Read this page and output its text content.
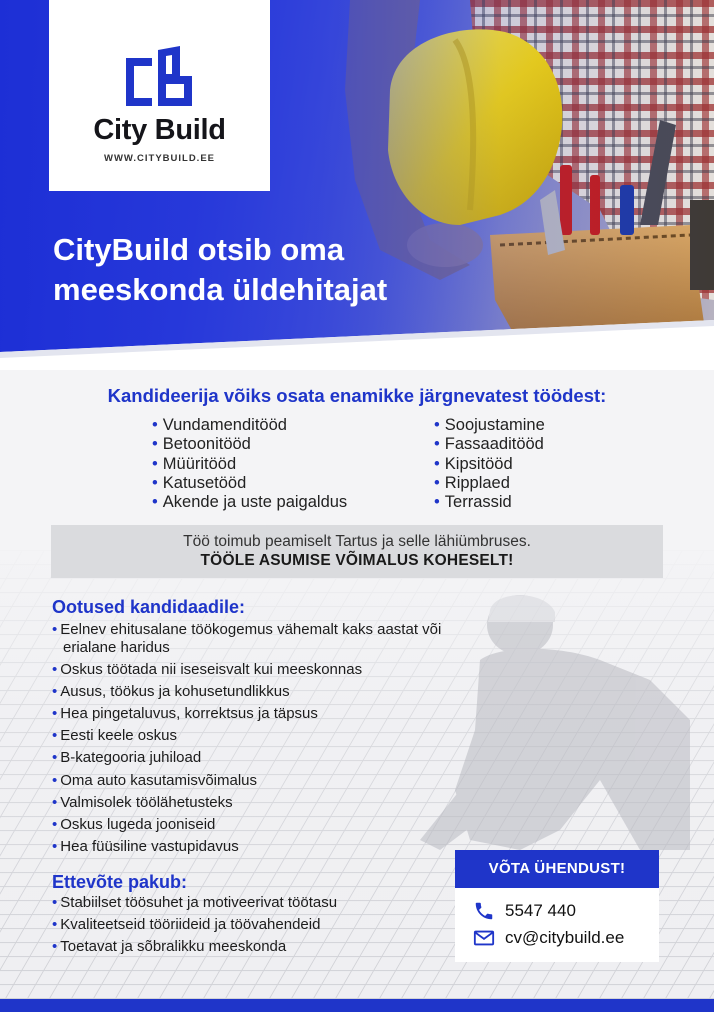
City Build
WWW.CITYBUILD.EE
CityBuild otsib oma
meeskonda üldehitajat
Kandideerija võiks osata enamikke järgnevatest töödest:
• Vundamenditööd
• Betoonitööd
• Müüritööd
• Katusetööd
• Akende ja uste paigaldus
• Soojustamine
• Fassaaditööd
• Kipsitööd
• Ripplaed
• Terrassid
Töö toimub peamiselt Tartus ja selle lähiümbruses.
TÖÖLE ASUMISE VÕIMALUS KOHESELT!
Ootused kandidaadile:
• Eelnev ehitusalane töökogemus vähemalt kaks aastat või erialane haridus
• Oskus töötada nii iseseisvalt kui meeskonnas
• Ausus, töökus ja kohusetundlikkus
• Hea pingetaluvus, korrektsus ja täpsus
• Eesti keele oskus
• B-kategooria juhiload
• Oma auto kasutamisvõimalus
• Valmisolek töölähetusteks
• Oskus lugeda jooniseid
• Hea füüsiline vastupidavus
Ettevõte pakub:
• Stabiilset töösuhet ja motiveerivat töötasu
• Kvaliteetseid tööriideid ja töövahendeid
• Toetavat ja sõbralikku meeskonda
VÕTA ÜHENDUST!
5547 440
cv@citybuild.ee
